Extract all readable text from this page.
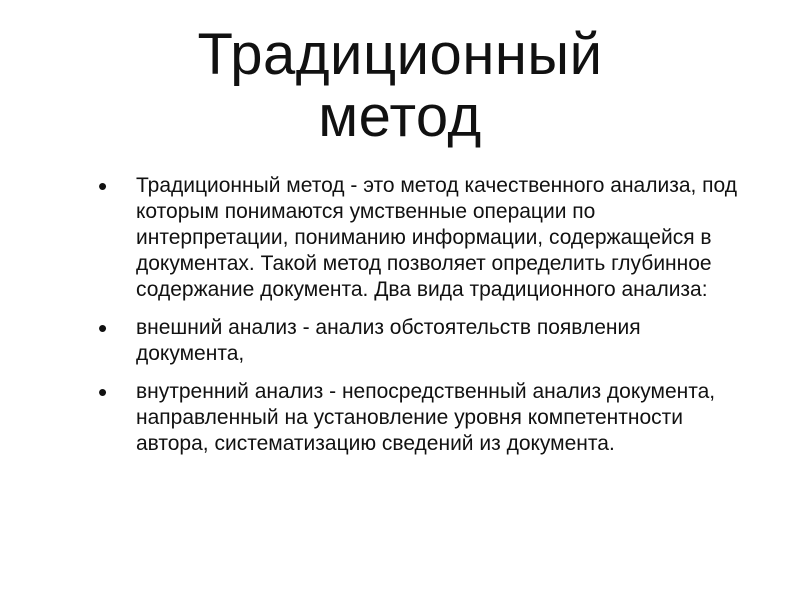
Традиционный
метод
• Традиционный метод - это метод качественного анализа, под которым понимаются умственные операции по интерпретации, пониманию информации, содержащейся в документах. Такой метод позволяет определить глубинное содержание документа. Два вида традиционного анализа:
• внешний анализ - анализ обстоятельств появления документа,
• внутренний анализ - непосредственный анализ документа, направленный на установление уровня компетентности автора, систематизацию сведений из документа.
